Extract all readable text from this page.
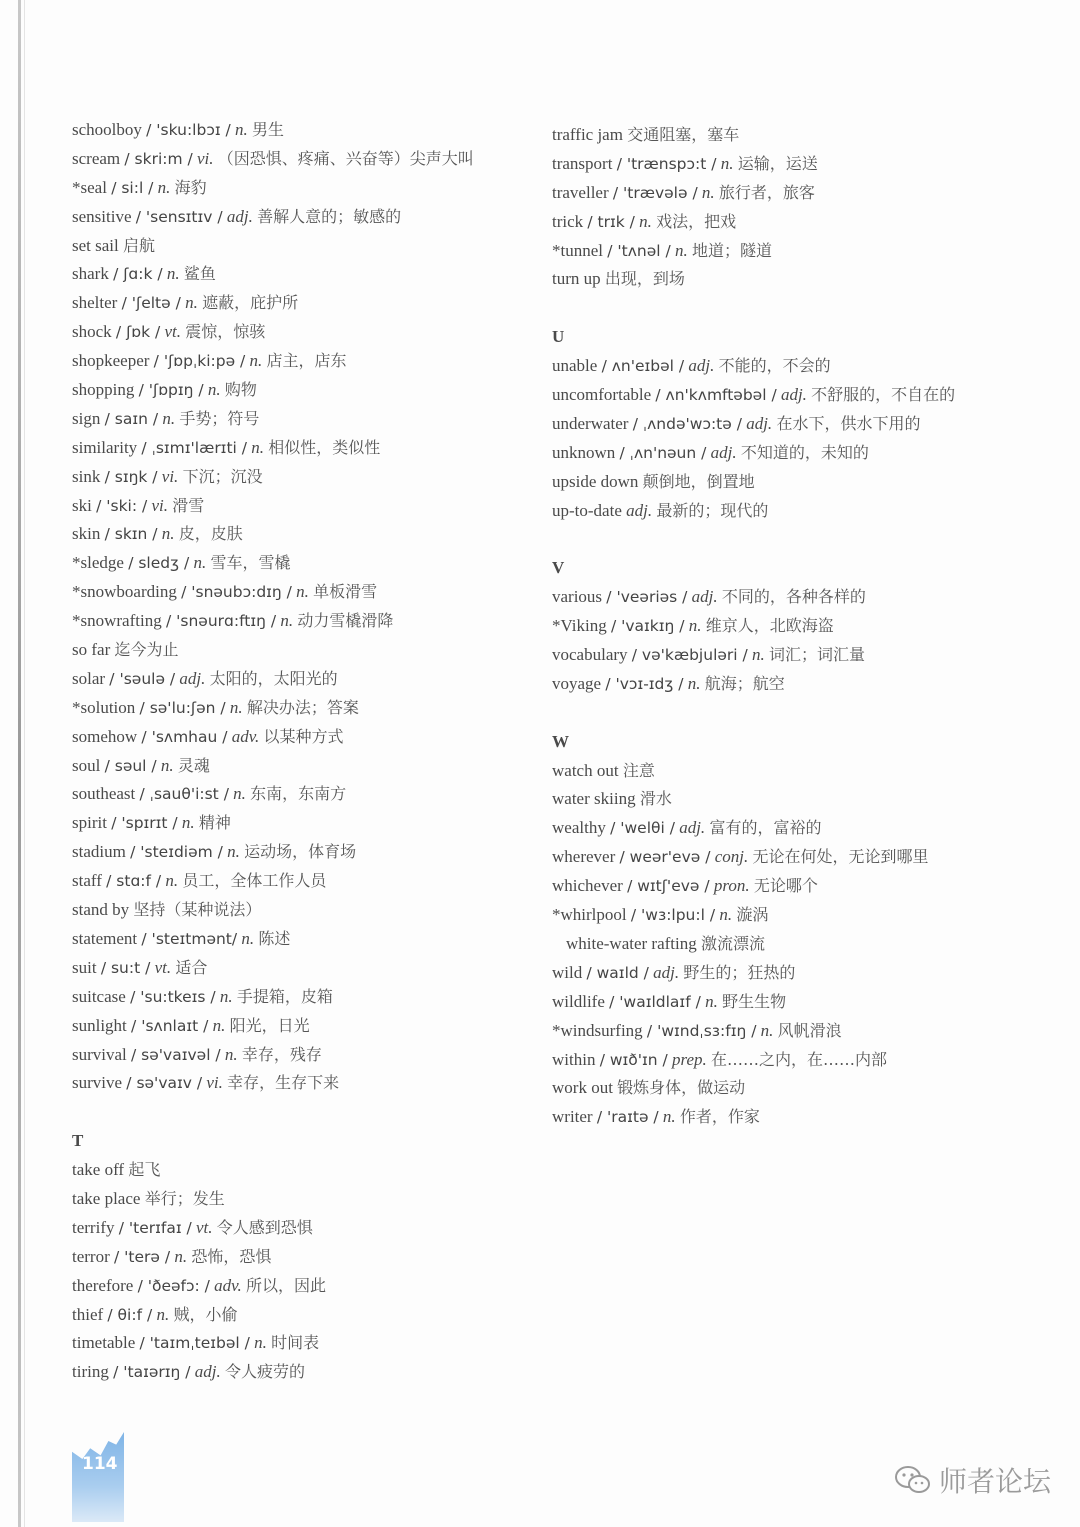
schoolboy / 'sku:lbɔɪ / n. 男生
scream / skri:m / vi. （因恐惧、疼痛、兴奋等）尖声大叫
*seal / si:l / n. 海豹
sensitive / 'sensɪtɪv / adj. 善解人意的；敏感的
set sail 启航
shark / ʃɑ:k / n. 鲨鱼
shelter / 'ʃeltə / n. 遮蔽，庇护所
shock / ʃɒk / vt. 震惊，惊骇
shopkeeper / 'ʃɒpˌki:pə / n. 店主，店东
shopping / 'ʃɒpɪŋ / n. 购物
sign / saɪn / n. 手势；符号
similarity / ˌsɪmɪ'lærɪti / n. 相似性，类似性
sink / sɪŋk / vi. 下沉；沉没
ski / 'ski: / vi. 滑雪
skin / skɪn / n. 皮，皮肤
*sledge / sledʒ / n. 雪车，雪橇
*snowboarding / 'snəubɔ:dɪŋ / n. 单板滑雪
*snowrafting / 'snəurɑ:ftɪŋ / n. 动力雪橇滑降
so far 迄今为止
solar / 'səulə / adj. 太阳的，太阳光的
*solution / sə'lu:ʃən / n. 解决办法；答案
somehow / 'sʌmhau / adv. 以某种方式
soul / səul / n. 灵魂
southeast / ˌsauθ'i:st / n. 东南，东南方
spirit / 'spɪrɪt / n. 精神
stadium / 'steɪdiəm / n. 运动场，体育场
staff / stɑ:f / n. 员工，全体工作人员
stand by 坚持（某种说法）
statement / 'steɪtmənt/ n. 陈述
suit / su:t / vt. 适合
suitcase / 'su:tkeɪs / n. 手提箱，皮箱
sunlight / 'sʌnlaɪt / n. 阳光，日光
survival / sə'vaɪvəl / n. 幸存，残存
survive / sə'vaɪv / vi. 幸存，生存下来
T
take off 起飞
take place 举行；发生
terrify / 'terɪfaɪ / vt. 令人感到恐惧
terror / 'terə / n. 恐怖，恐惧
therefore / 'ðeəfɔ: / adv. 所以，因此
thief / θi:f / n. 贼，小偷
timetable / 'taɪmˌteɪbəl / n. 时间表
tiring / 'taɪərɪŋ / adj. 令人疲劳的
traffic jam 交通阻塞，塞车
transport / 'trænspɔ:t / n. 运输，运送
traveller / 'trævələ / n. 旅行者，旅客
trick / trɪk / n. 戏法，把戏
*tunnel / 'tʌnəl / n. 地道；隧道
turn up 出现，到场
U
unable / ʌn'eɪbəl / adj. 不能的，不会的
uncomfortable / ʌn'kʌmftəbəl / adj. 不舒服的，不自在的
underwater / ˌʌndə'wɔ:tə / adj. 在水下，供水下用的
unknown / ˌʌn'nəun / adj. 不知道的，未知的
upside down 颠倒地，倒置地
up-to-date adj. 最新的；现代的
V
various / 'veəriəs / adj. 不同的，各种各样的
*Viking / 'vaɪkɪŋ / n. 维京人，北欧海盗
vocabulary / və'kæbjuləri / n. 词汇；词汇量
voyage / 'vɔɪ-ɪdʒ / n. 航海；航空
W
watch out 注意
water skiing 滑水
wealthy / 'welθi / adj. 富有的，富裕的
wherever / weər'evə / conj. 无论在何处，无论到哪里
whichever / wɪtʃ'evə / pron. 无论哪个
*whirlpool / 'wɜ:lpu:l / n. 漩涡
white-water rafting 激流漂流
wild / waɪld / adj. 野生的；狂热的
wildlife / 'waɪldlaɪf / n. 野生生物
*windsurfing / 'wɪndˌsɜ:fɪŋ / n. 风帆滑浪
within / wɪð'ɪn / prep. 在……之内，在……内部
work out 锻炼身体，做运动
writer / 'raɪtə / n. 作者，作家
114
师者论坛
